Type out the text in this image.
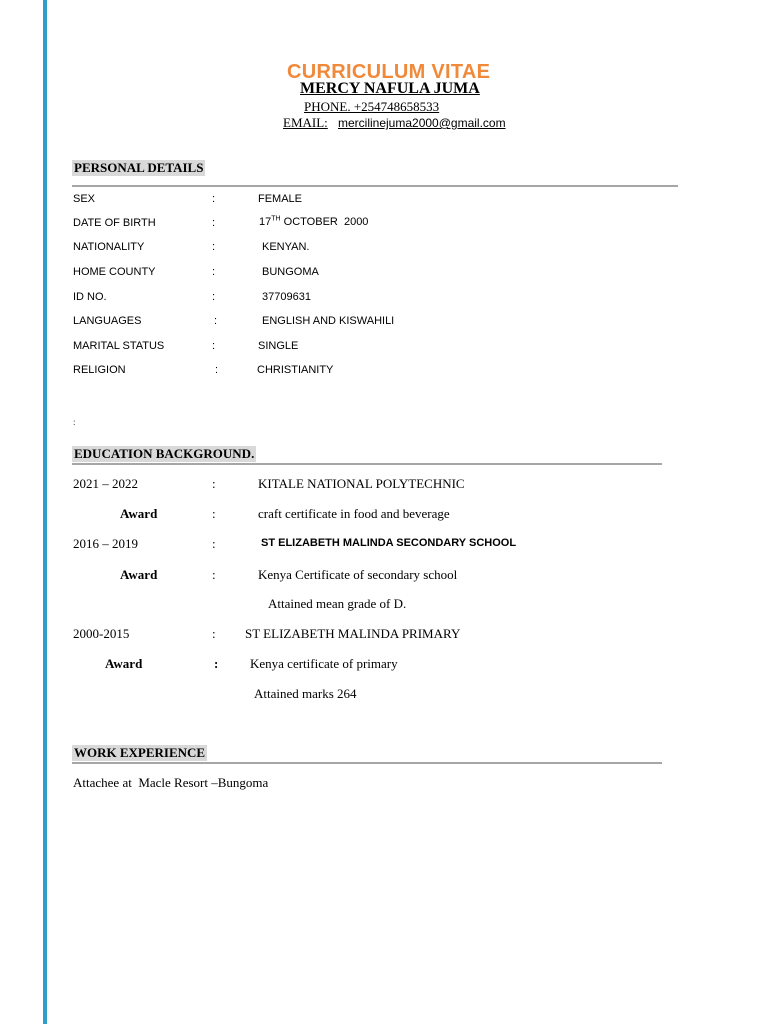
CURRICULUM VITAE
MERCY NAFULA JUMA
PHONE. +254748658533
EMAIL: mercilinejuma2000@gmail.com
PERSONAL DETAILS
SEX	:	FEMALE
DATE OF BIRTH	:	17TH OCTOBER  2000
NATIONALITY	:	KENYAN.
HOME COUNTY	:	BUNGOMA
ID NO.	:	37709631
LANGUAGES	:	ENGLISH AND KISWAHILI
MARITAL STATUS	:	SINGLE
RELIGION	:	CHRISTIANITY
:
EDUCATION BACKGROUND.
2021 – 2022	:	KITALE NATIONAL POLYTECHNIC
Award	:	craft certificate in food and beverage
2016 – 2019	:	ST ELIZABETH MALINDA SECONDARY SCHOOL
Award	:	Kenya Certificate of secondary school
Attained mean grade of D.
2000-2015	: ST ELIZABETH MALINDA PRIMARY
Award	: Kenya certificate of primary
Attained marks 264
WORK EXPERIENCE
Attachee at  Macle Resort –Bungoma
